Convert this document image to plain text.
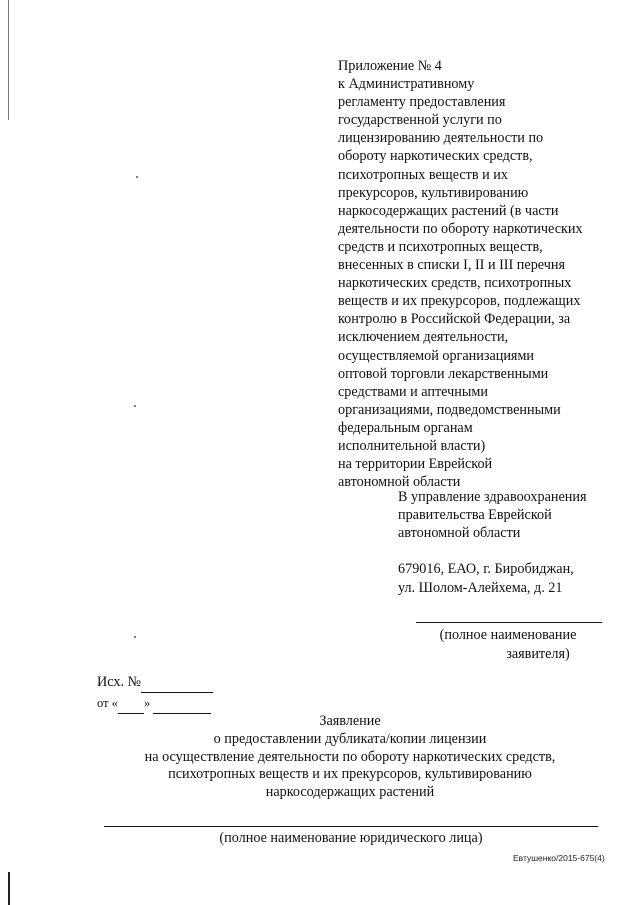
Приложение № 4
к Административному
регламенту предоставления
государственной услуги по
лицензированию деятельности по
обороту наркотических средств,
психотропных веществ и их
прекурсоров, культивированию
наркосодержащих растений (в части
деятельности по обороту наркотических
средств и психотропных веществ,
внесенных в списки I, II и III перечня
наркотических средств, психотропных
веществ и их прекурсоров, подлежащих
контролю в Российской Федерации, за
исключением деятельности,
осуществляемой организациями
оптовой торговли лекарственными
средствами и аптечными
организациями, подведомственными
федеральным органам
исполнительной власти)
на территории Еврейской
автономной области
В управление здравоохранения
правительства Еврейской
автономной области
679016, ЕАО, г. Биробиджан,
ул. Шолом-Алейхема, д. 21
(полное наименование
заявителя)
Исх. №
от « »
Заявление
о предоставлении дубликата/копии лицензии
на осуществление деятельности по обороту наркотических средств,
психотропных веществ и их прекурсоров, культивированию
наркосодержащих растений
(полное наименование юридического лица)
Евтушенко/2015-675(4)
